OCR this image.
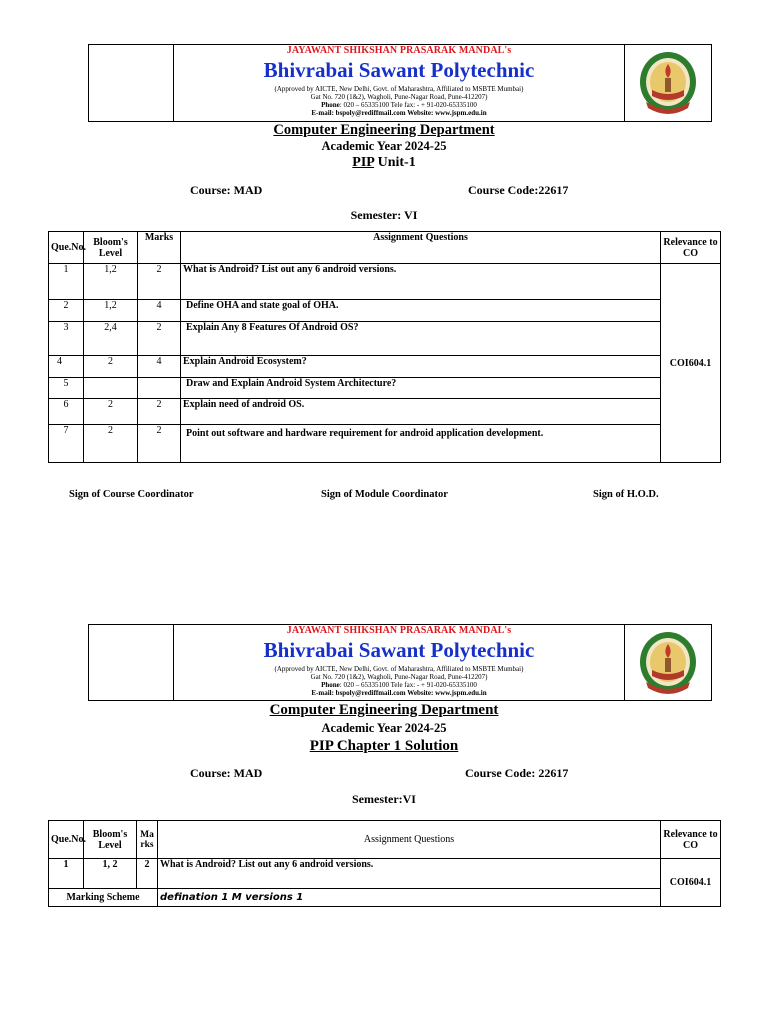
JAYAWANT SHIKSHAN PRASARAK MANDAL's
Bhivrabai Sawant Polytechnic
(Approved by AICTE, New Delhi, Govt. of Maharashtra, Affiliated to MSBTE Mumbai)
Gat No. 720 (1&2), Wagholi, Pune-Nagar Road, Pune-412207)
Phone: 020 – 65335100 Tele fax: - + 91-020-65335100
E-mail: bspoly@rediffmail.com Website: www.jspm.edu.in
Computer Engineering Department
Academic Year 2024-25
PIP Unit-1
Course: MAD	Course Code:22617
Semester: VI
Que.No.	Bloom's Level	Marks	Assignment Questions	Relevance to CO
1	1,2	2	What is Android? List out any 6 android versions.	COI604.1
2	1,2	4	Define OHA and state goal of OHA.	
3	2,4	2	Explain Any 8 Features Of Android OS?	
4	2	4	Explain Android Ecosystem?	
5			Draw and Explain Android System Architecture?	
6	2	2	Explain need of android OS.	
7	2	2	Point out software and hardware requirement for android application development.	
Sign of Course Coordinator	Sign of Module Coordinator	Sign of H.O.D.
JAYAWANT SHIKSHAN PRASARAK MANDAL's
Bhivrabai Sawant Polytechnic
(Approved by AICTE, New Delhi, Govt. of Maharashtra, Affiliated to MSBTE Mumbai)
Gat No. 720 (1&2), Wagholi, Pune-Nagar Road, Pune-412207)
Phone: 020 – 65335100 Tele fax: - + 91-020-65335100
E-mail: bspoly@rediffmail.com Website: www.jspm.edu.in
Computer Engineering Department
Academic Year 2024-25
PIP Chapter 1 Solution
Course: MAD	Course Code: 22617
Semester:VI
Que.No.	Bloom's Level	Marks	Assignment Questions	Relevance to CO
1	1, 2	2	What is Android? List out any 6 android versions.	COI604.1
Marking Scheme			defination 1 M versions 1	
